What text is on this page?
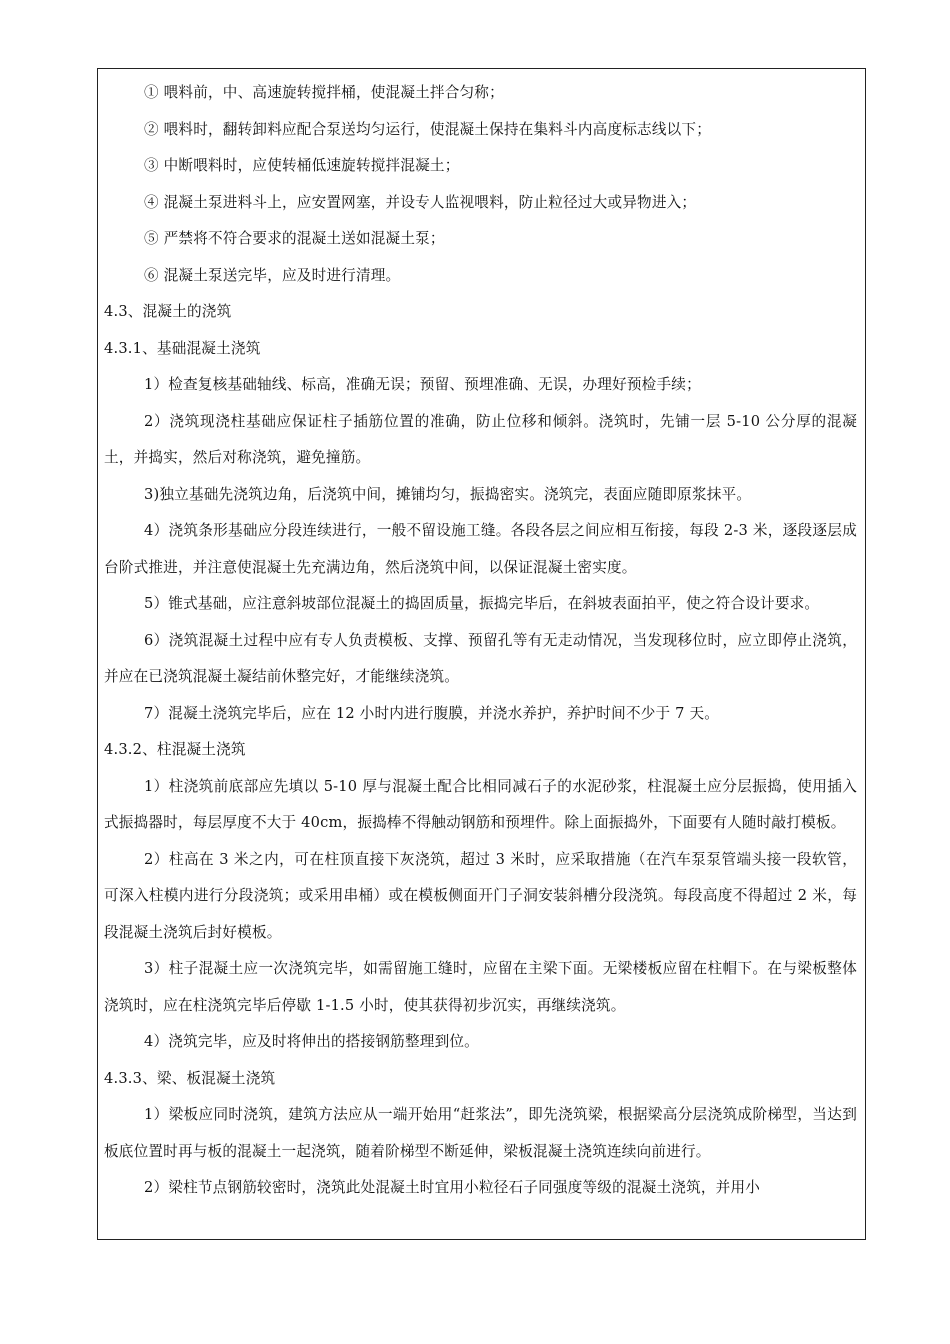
① 喂料前，中、高速旋转搅拌桶，使混凝土拌合匀称；
② 喂料时，翻转卸料应配合泵送均匀运行，使混凝土保持在集料斗内高度标志线以下；
③ 中断喂料时，应使转桶低速旋转搅拌混凝土；
④ 混凝土泵进料斗上，应安置网塞，并设专人监视喂料，防止粒径过大或异物进入；
⑤ 严禁将不符合要求的混凝土送如混凝土泵；
⑥ 混凝土泵送完毕，应及时进行清理。
4.3、混凝土的浇筑
4.3.1、基础混凝土浇筑
1）检查复核基础轴线、标高，准确无误；预留、预埋准确、无误，办理好预检手续；
2）浇筑现浇柱基础应保证柱子插筋位置的准确，防止位移和倾斜。浇筑时，先铺一层 5-10 公分厚的混凝土，并捣实，然后对称浇筑，避免撞筋。
3)独立基础先浇筑边角，后浇筑中间，摊铺均匀，振捣密实。浇筑完，表面应随即原浆抹平。
4）浇筑条形基础应分段连续进行，一般不留设施工缝。各段各层之间应相互衔接，每段 2-3 米，逐段逐层成台阶式推进，并注意使混凝土先充满边角，然后浇筑中间，以保证混凝土密实度。
5）锥式基础，应注意斜坡部位混凝土的捣固质量，振捣完毕后，在斜坡表面拍平，使之符合设计要求。
6）浇筑混凝土过程中应有专人负责模板、支撑、预留孔等有无走动情况，当发现移位时，应立即停止浇筑，并应在已浇筑混凝土凝结前休整完好，才能继续浇筑。
7）混凝土浇筑完毕后，应在 12 小时内进行腹膜，并浇水养护，养护时间不少于 7 天。
4.3.2、柱混凝土浇筑
1）柱浇筑前底部应先填以 5-10 厚与混凝土配合比相同减石子的水泥砂浆，柱混凝土应分层振捣，使用插入式振捣器时，每层厚度不大于 40cm，振捣棒不得触动钢筋和预埋件。除上面振捣外，下面要有人随时敲打模板。
2）柱高在 3 米之内，可在柱顶直接下灰浇筑，超过 3 米时，应采取措施（在汽车泵泵管端头接一段软管，可深入柱模内进行分段浇筑；或采用串桶）或在模板侧面开门子洞安装斜槽分段浇筑。每段高度不得超过 2 米，每段混凝土浇筑后封好模板。
3）柱子混凝土应一次浇筑完毕，如需留施工缝时，应留在主梁下面。无梁楼板应留在柱帽下。在与梁板整体浇筑时，应在柱浇筑完毕后停歇 1-1.5 小时，使其获得初步沉实，再继续浇筑。
4）浇筑完毕，应及时将伸出的搭接钢筋整理到位。
4.3.3、梁、板混凝土浇筑
1）梁板应同时浇筑，建筑方法应从一端开始用“赶浆法”，即先浇筑梁，根据梁高分层浇筑成阶梯型，当达到板底位置时再与板的混凝土一起浇筑，随着阶梯型不断延伸，梁板混凝土浇筑连续向前进行。
2）梁柱节点钢筋较密时，浇筑此处混凝土时宜用小粒径石子同强度等级的混凝土浇筑，并用小
